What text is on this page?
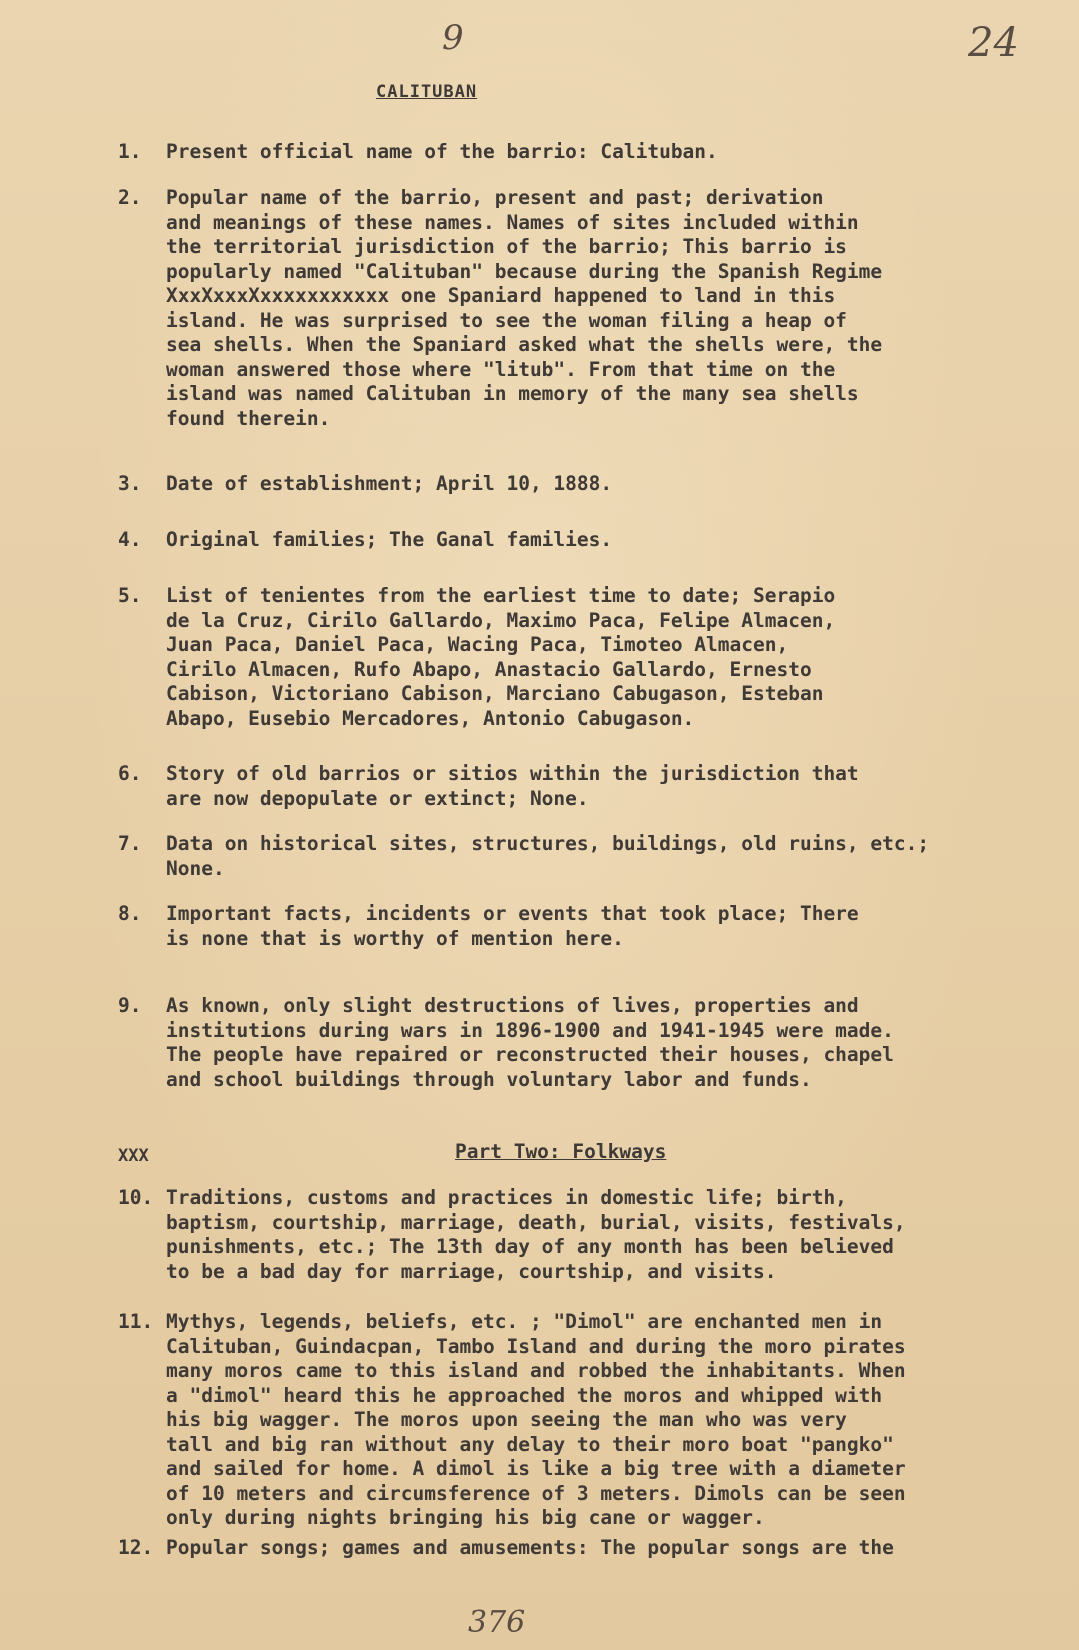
9	24
CALITUBAN
1. Present official name of the barrio: Calituban.
2. Popular name of the barrio, present and past; derivation
and meanings of these names. Names of sites included within
the territorial jurisdiction of the barrio; This barrio is
popularly named "Calituban" because during the Spanish Regime
XxxXxxxXxxxxxxxxxxx one Spaniard happened to land in this
island. He was surprised to see the woman filing a heap of
sea shells. When the Spaniard asked what the shells were, the
woman answered those where "litub". From that time on the
island was named Calituban in memory of the many sea shells
found therein.
3. Date of establishment; April 10, 1888.
4. Original families; The Ganal families.
5. List of tenientes from the earliest time to date; Serapio
de la Cruz, Cirilo Gallardo, Maximo Paca, Felipe Almacen,
Juan Paca, Daniel Paca, Wacing Paca, Timoteo Almacen,
Cirilo Almacen, Rufo Abapo, Anastacio Gallardo, Ernesto
Cabison, Victoriano Cabison, Marciano Cabugason, Esteban
Abapo, Eusebio Mercadores, Antonio Cabugason.
6. Story of old barrios or sitios within the jurisdiction that
are now depopulate or extinct; None.
7. Data on historical sites, structures, buildings, old ruins, etc.;
None.
8. Important facts, incidents or events that took place; There
is none that is worthy of mention here.
9. As known, only slight destructions of lives, properties and
institutions during wars in 1896-1900 and 1941-1945 were made.
The people have repaired or reconstructed their houses, chapel
and school buildings through voluntary labor and funds.
XXX	Part Two: Folkways
10. Traditions, customs and practices in domestic life; birth,
baptism, courtship, marriage, death, burial, visits, festivals,
punishments, etc.; The 13th day of any month has been believed
to be a bad day for marriage, courtship, and visits.
11. Mythys, legends, beliefs, etc. ; "Dimol" are enchanted men in
Calituban, Guindacpan, Tambo Island and during the moro pirates
many moros came to this island and robbed the inhabitants. When
a "dimol" heard this he approached the moros and whipped with
his big wagger. The moros upon seeing the man who was very
tall and big ran without any delay to their moro boat "pangko"
and sailed for home. A dimol is like a big tree with a diameter
of 10 meters and circumsference of 3 meters. Dimols can be seen
only during nights bringing his big cane or wagger.
12. Popular songs; games and amusements: The popular songs are the
376
